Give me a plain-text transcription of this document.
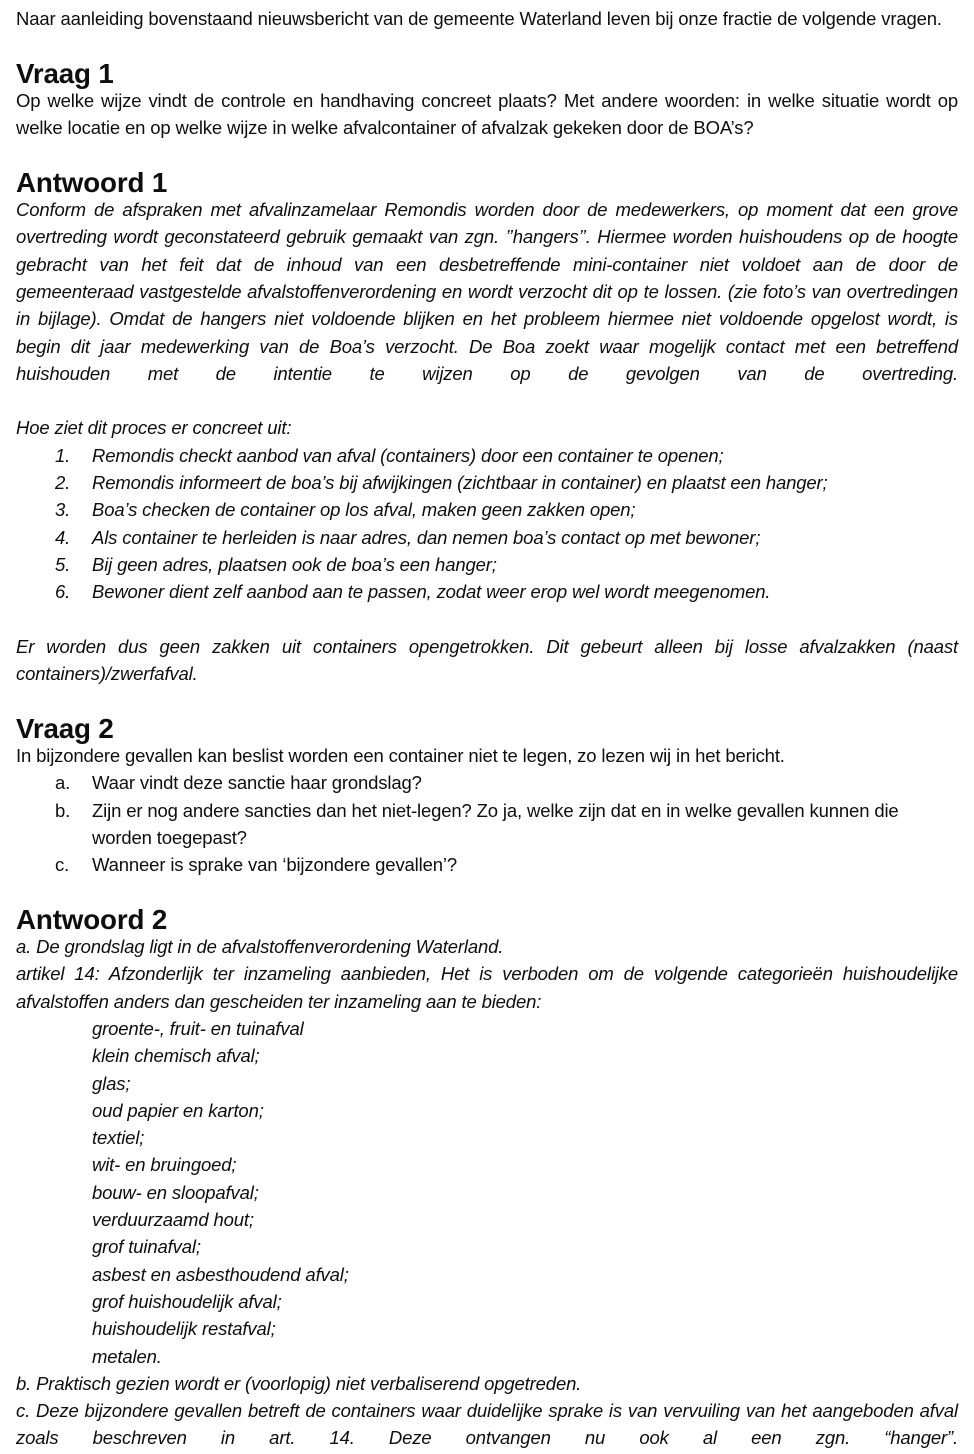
Naar aanleiding bovenstaand nieuwsbericht van de gemeente Waterland leven bij onze fractie de volgende vragen.

Vraag 1

Op welke wijze vindt de controle en handhaving concreet plaats? Met andere woorden: in welke situatie wordt op welke locatie en op welke wijze in welke afvalcontainer of afvalzak gekeken door de BOA’s?

Antwoord 1

Conform de afspraken met afvalinzamelaar Remondis worden door de medewerkers, op moment dat een grove overtreding wordt geconstateerd gebruik gemaakt van zgn. ’’hangers’’. Hiermee worden huishoudens op de hoogte gebracht van het feit dat de inhoud van een desbetreffende mini-container niet voldoet aan de door de gemeenteraad vastgestelde afvalstoffenverordening en wordt verzocht dit op te lossen. (zie foto’s van overtredingen in bijlage). Omdat de hangers niet voldoende blijken en het probleem hiermee niet voldoende opgelost wordt, is begin dit jaar medewerking van de Boa’s verzocht. De Boa zoekt waar mogelijk contact met een betreffend huishouden met de intentie te wijzen op de gevolgen van de overtreding.

Hoe ziet dit proces er concreet uit:

Remondis checkt aanbod van afval (containers) door een container te openen;
Remondis informeert de boa’s bij afwijkingen (zichtbaar in container) en plaatst een hanger;
Boa’s checken de container op los afval, maken geen zakken open;
Als container te herleiden is naar adres, dan nemen boa’s contact op met bewoner;
Bij geen adres, plaatsen ook de boa’s een hanger;
Bewoner dient zelf aanbod aan te passen, zodat weer erop wel wordt meegenomen.

Er worden dus geen zakken uit containers opengetrokken. Dit gebeurt alleen bij losse afvalzakken (naast containers)/zwerfafval.

Vraag 2

In bijzondere gevallen kan beslist worden een container niet te legen, zo lezen wij in het bericht.

Waar vindt deze sanctie haar grondslag?
Zijn er nog andere sancties dan het niet-legen? Zo ja, welke zijn dat en in welke gevallen kunnen die worden toegepast?
Wanneer is sprake van ‘bijzondere gevallen’?
Antwoord 2

a. De grondslag ligt in de afvalstoffenverordening Waterland.

artikel 14: Afzonderlijk ter inzameling aanbieden, Het is verboden om de volgende categorieën huishoudelijke afvalstoffen anders dan gescheiden ter inzameling aan te bieden:

groente-, fruit- en tuinafval
klein chemisch afval;
glas;
oud papier en karton;
textiel;
wit- en bruingoed;
bouw- en sloopafval;
verduurzaamd hout;
grof tuinafval;
asbest en asbesthoudend afval;
grof huishoudelijk afval;
huishoudelijk restafval;
metalen.

b. Praktisch gezien wordt er (voorlopig) niet verbaliserend opgetreden.

c. Deze bijzondere gevallen betreft de containers waar duidelijke sprake is van vervuiling van het aangeboden afval zoals beschreven in art. 14. Deze ontvangen nu ook al een zgn. “hanger”.
